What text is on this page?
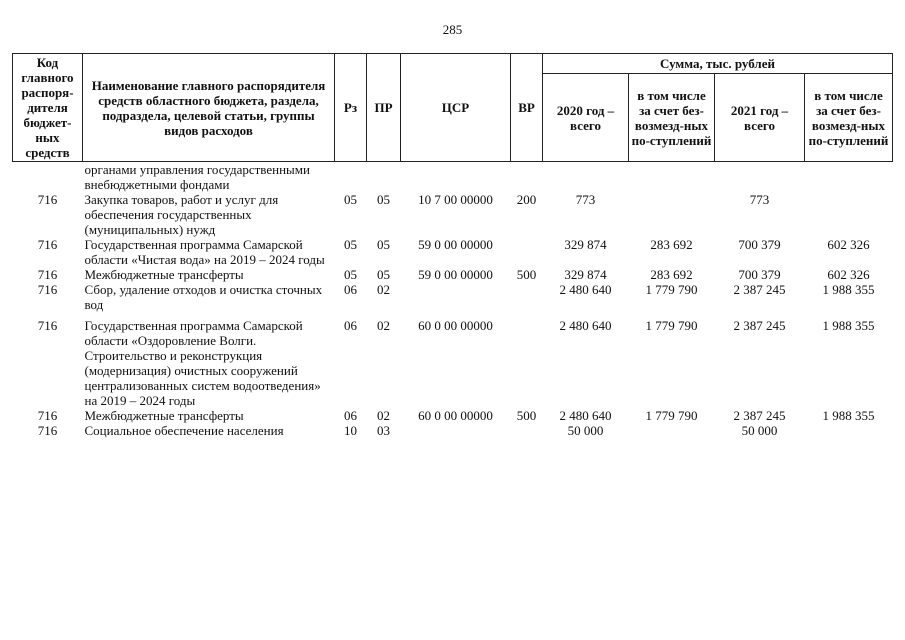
285
Код главного распоря-дителя бюджет-ных средств	Наименование главного распорядителя средств областного бюджета, раздела, подраздела, целевой статьи, группы видов расходов	Рз	ПР	ЦСР	ВР	Сумма, тыс. рублей			
						2020 год – всего	в том числе за счет без-возмезд-ных по-ступлений	2021 год – всего	в том числе за счет без-возмезд-ных по-ступлений
	органами управления государственными внебюджетными фондами								
716	Закупка товаров, работ и услуг для обеспечения государственных (муниципальных) нужд	05	05	10 7 00 00000	200	773		773	
716	Государственная программа Самарской области «Чистая вода» на 2019 – 2024 годы	05	05	59 0 00 00000		329 874	283 692	700 379	602 326
716	Межбюджетные трансферты	05	05	59 0 00 00000	500	329 874	283 692	700 379	602 326
716	Сбор, удаление отходов и очистка сточных вод	06	02			2 480 640	1 779 790	2 387 245	1 988 355

716	Государственная программа Самарской области «Оздоровление Волги. Строительство и реконструкция (модернизация) очистных сооружений централизованных систем водоотведения» на 2019 – 2024 годы	06	02	60 0 00 00000		2 480 640	1 779 790	2 387 245	1 988 355
716	Межбюджетные трансферты	06	02	60 0 00 00000	500	2 480 640	1 779 790	2 387 245	1 988 355
716	Социальное обеспечение населения	10	03			50 000		50 000	
